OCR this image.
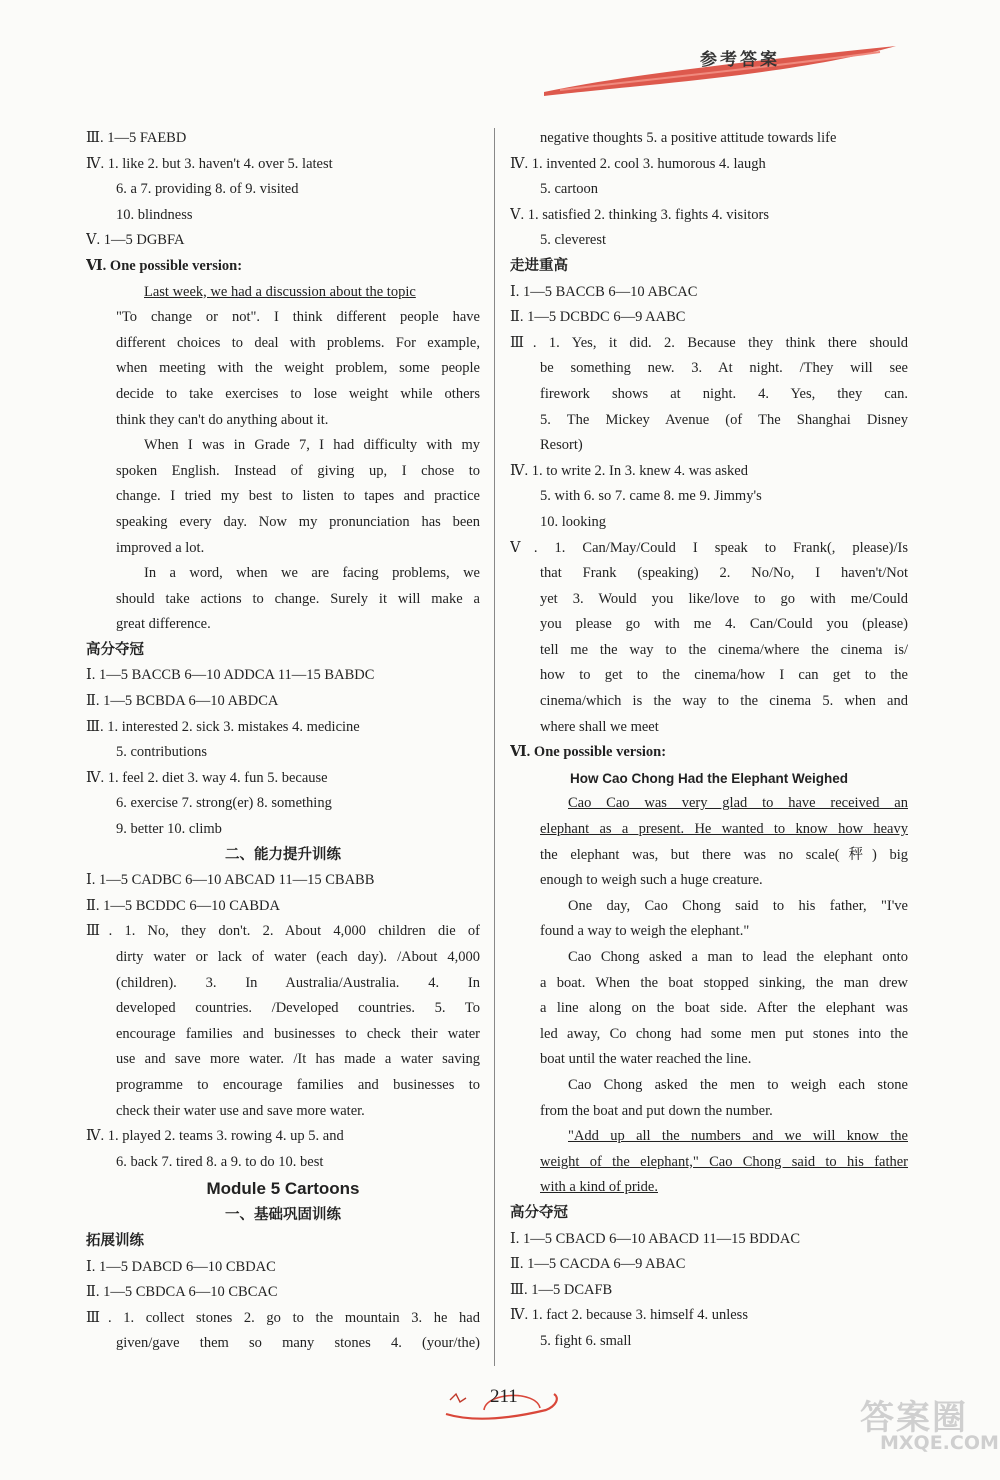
参考答案
Ⅲ. 1—5 FAEBD
Ⅳ. 1. like 2. but 3. haven't 4. over 5. latest
6. a 7. providing 8. of 9. visited
10. blindness
Ⅴ. 1—5 DGBFA
Ⅵ. One possible version:
Last week, we had a discussion about the topic
"To change or not". I think different people have
different choices to deal with problems. For example,
when meeting with the weight problem, some people
decide to take exercises to lose weight while others
think they can't do anything about it.
When I was in Grade 7, I had difficulty with my
spoken English. Instead of giving up, I chose to
change. I tried my best to listen to tapes and practice
speaking every day. Now my pronunciation has been
improved a lot.
In a word, when we are facing problems, we
should take actions to change. Surely it will make a
great difference.
高分夺冠
Ⅰ. 1—5 BACCB 6—10 ADDCA 11—15 BABDC
Ⅱ. 1—5 BCBDA 6—10 ABDCA
Ⅲ. 1. interested 2. sick 3. mistakes 4. medicine
5. contributions
Ⅳ. 1. feel 2. diet 3. way 4. fun 5. because
6. exercise 7. strong(er) 8. something
9. better 10. climb
二、能力提升训练
Ⅰ. 1—5 CADBC 6—10 ABCAD 11—15 CBABB
Ⅱ. 1—5 BCDDC 6—10 CABDA
Ⅲ. 1. No, they don't. 2. About 4,000 children die of
dirty water or lack of water (each day). /About 4,000
(children). 3. In Australia/Australia. 4. In
developed countries. /Developed countries. 5. To
encourage families and businesses to check their water
use and save more water. /It has made a water saving
programme to encourage families and businesses to
check their water use and save more water.
Ⅳ. 1. played 2. teams 3. rowing 4. up 5. and
6. back 7. tired 8. a 9. to do 10. best
Module 5 Cartoons
一、基础巩固训练
拓展训练
Ⅰ. 1—5 DABCD 6—10 CBDAC
Ⅱ. 1—5 CBDCA 6—10 CBCAC
Ⅲ. 1. collect stones 2. go to the mountain 3. he had
given/gave them so many stones 4. (your/the)
negative thoughts 5. a positive attitude towards life
Ⅳ. 1. invented 2. cool 3. humorous 4. laugh
5. cartoon
Ⅴ. 1. satisfied 2. thinking 3. fights 4. visitors
5. cleverest
走进重高
Ⅰ. 1—5 BACCB 6—10 ABCAC
Ⅱ. 1—5 DCBDC 6—9 AABC
Ⅲ. 1. Yes, it did. 2. Because they think there should
be something new. 3. At night. /They will see
firework shows at night. 4. Yes, they can.
5. The Mickey Avenue (of The Shanghai Disney
Resort)
Ⅳ. 1. to write 2. In 3. knew 4. was asked
5. with 6. so 7. came 8. me 9. Jimmy's
10. looking
Ⅴ. 1. Can/May/Could I speak to Frank(, please)/Is
that Frank (speaking) 2. No/No, I haven't/Not
yet 3. Would you like/love to go with me/Could
you please go with me 4. Can/Could you (please)
tell me the way to the cinema/where the cinema is/
how to get to the cinema/how I can get to the
cinema/which is the way to the cinema 5. when and
where shall we meet
Ⅵ. One possible version:
How Cao Chong Had the Elephant Weighed
Cao Cao was very glad to have received an
elephant as a present. He wanted to know how heavy
the elephant was, but there was no scale(秤) big
enough to weigh such a huge creature.
One day, Cao Chong said to his father, "I've
found a way to weigh the elephant."
Cao Chong asked a man to lead the elephant onto
a boat. When the boat stopped sinking, the man drew
a line along on the boat side. After the elephant was
led away, Co chong had some men put stones into the
boat until the water reached the line.
Cao Chong asked the men to weigh each stone
from the boat and put down the number.
"Add up all the numbers and we will know the
weight of the elephant," Cao Chong said to his father
with a kind of pride.
高分夺冠
Ⅰ. 1—5 CBACD 6—10 ABACD 11—15 BDDAC
Ⅱ. 1—5 CACDA 6—9 ABAC
Ⅲ. 1—5 DCAFB
Ⅳ. 1. fact 2. because 3. himself 4. unless
5. fight 6. small
211
答案圈
MXQE.COM
